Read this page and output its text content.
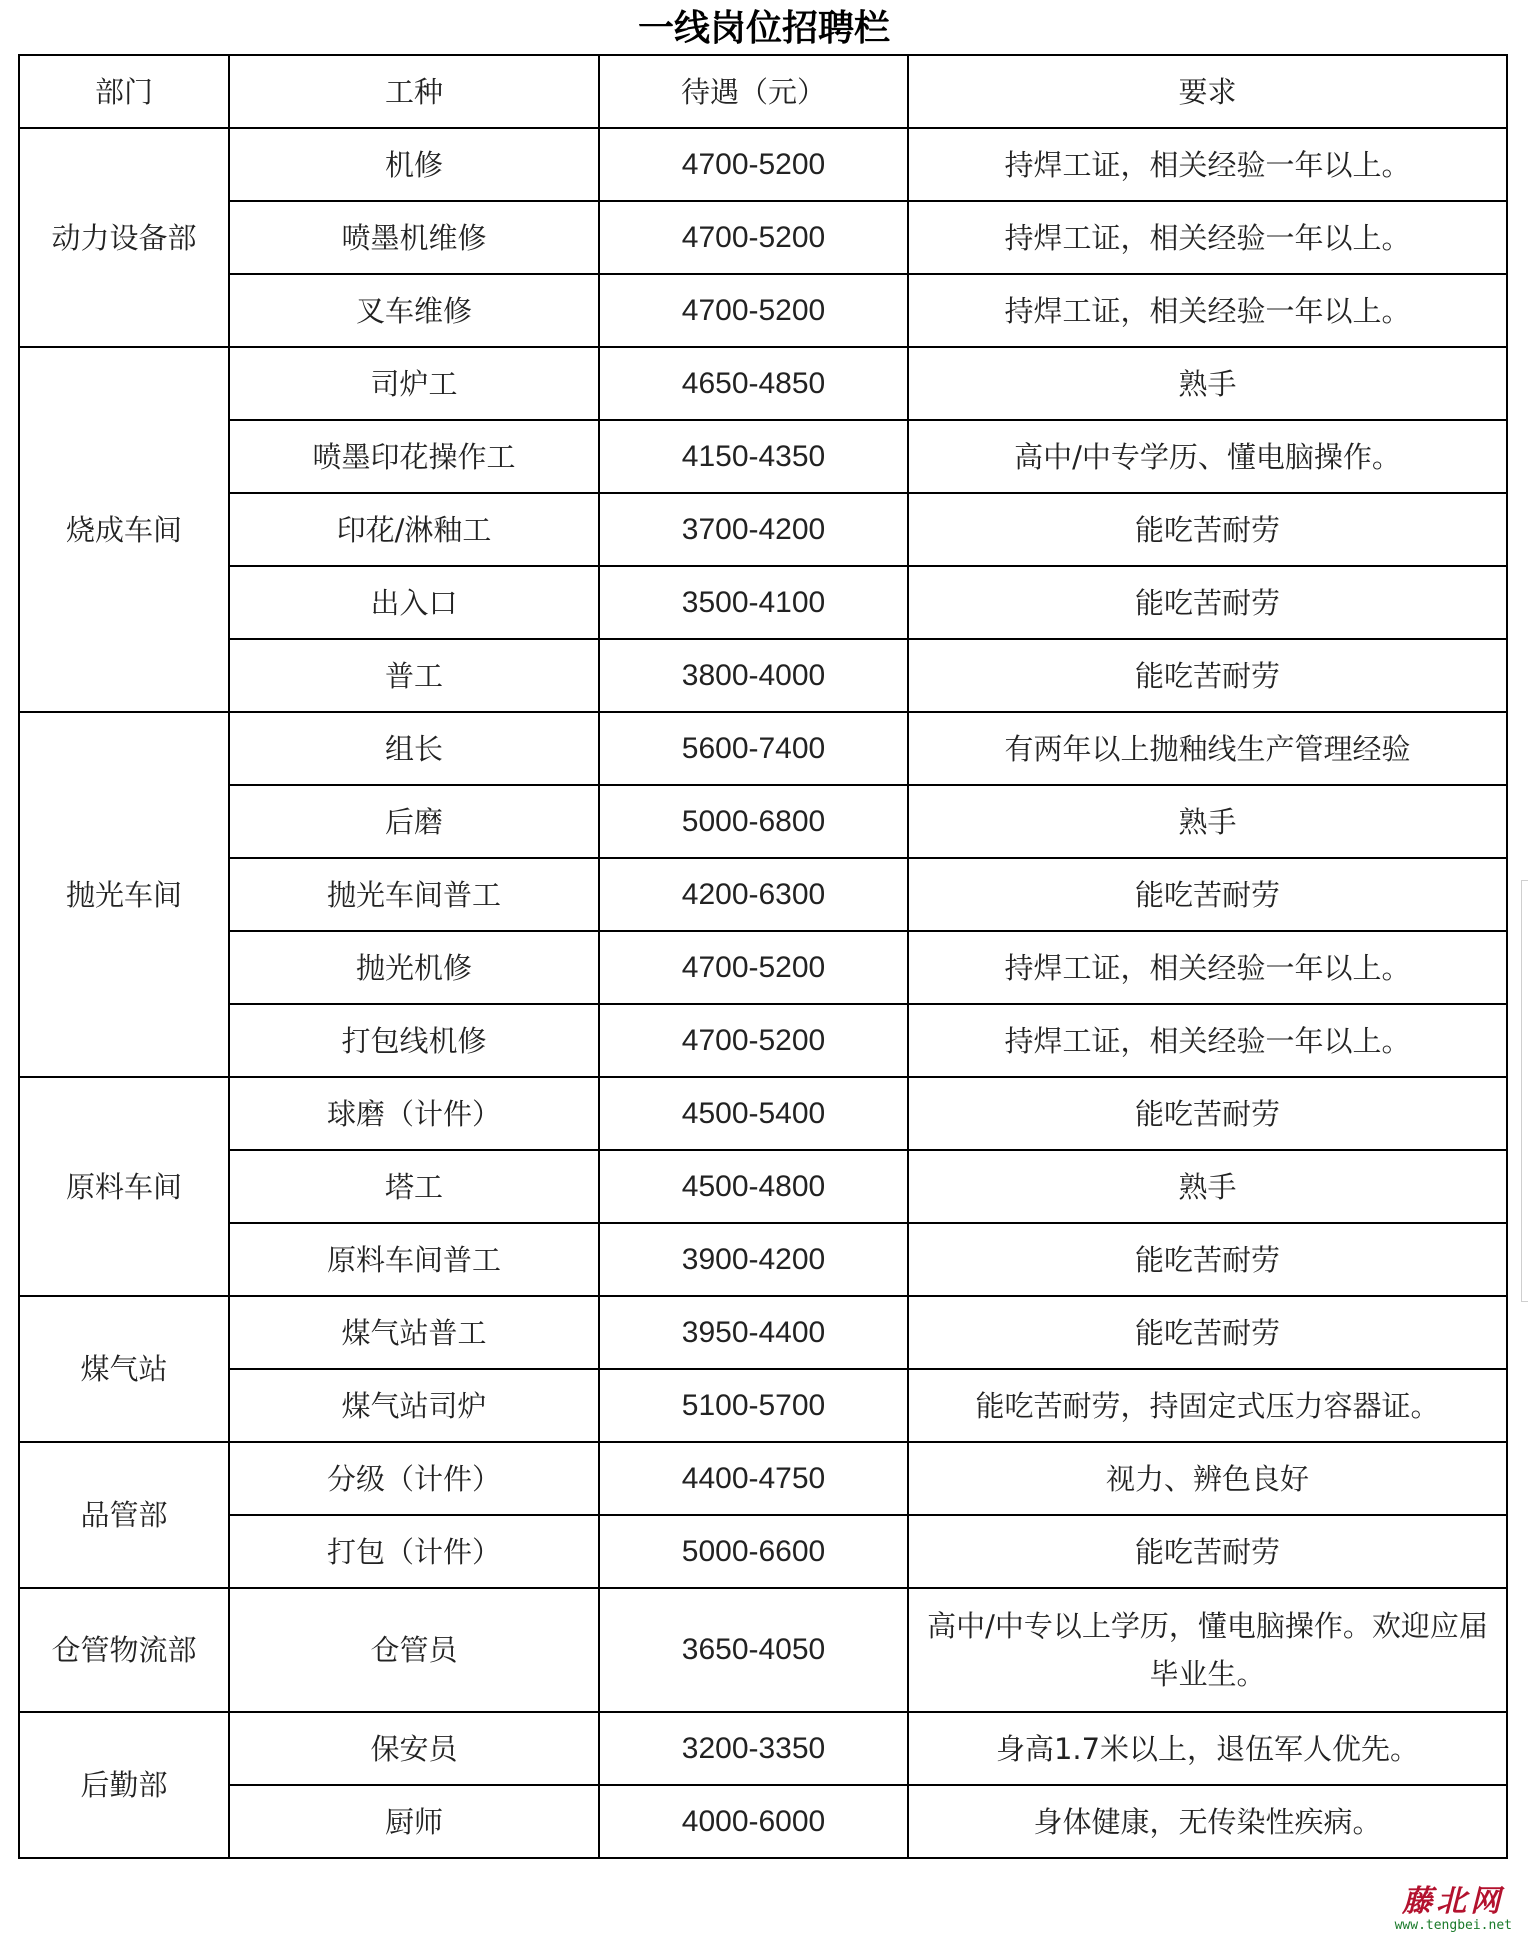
一线岗位招聘栏
部门	工种	待遇（元）	要求
动力设备部	机修	4700-5200	持焊工证，相关经验一年以上。
	喷墨机维修	4700-5200	持焊工证，相关经验一年以上。
	叉车维修	4700-5200	持焊工证，相关经验一年以上。
烧成车间	司炉工	4650-4850	熟手
	喷墨印花操作工	4150-4350	高中/中专学历、懂电脑操作。
	印花/淋釉工	3700-4200	能吃苦耐劳
	出入口	3500-4100	能吃苦耐劳
	普工	3800-4000	能吃苦耐劳
抛光车间	组长	5600-7400	有两年以上抛釉线生产管理经验
	后磨	5000-6800	熟手
	抛光车间普工	4200-6300	能吃苦耐劳
	抛光机修	4700-5200	持焊工证，相关经验一年以上。
	打包线机修	4700-5200	持焊工证，相关经验一年以上。
原料车间	球磨（计件）	4500-5400	能吃苦耐劳
	塔工	4500-4800	熟手
	原料车间普工	3900-4200	能吃苦耐劳
煤气站	煤气站普工	3950-4400	能吃苦耐劳
	煤气站司炉	5100-5700	能吃苦耐劳，持固定式压力容器证。
品管部	分级（计件）	4400-4750	视力、辨色良好
	打包（计件）	5000-6600	能吃苦耐劳
仓管物流部	仓管员	3650-4050	高中/中专以上学历，懂电脑操作。欢迎应届毕业生。
后勤部	保安员	3200-3350	身高1.7米以上，退伍军人优先。
	厨师	4000-6000	身体健康，无传染性疾病。
藤北网
www.tengbei.net
